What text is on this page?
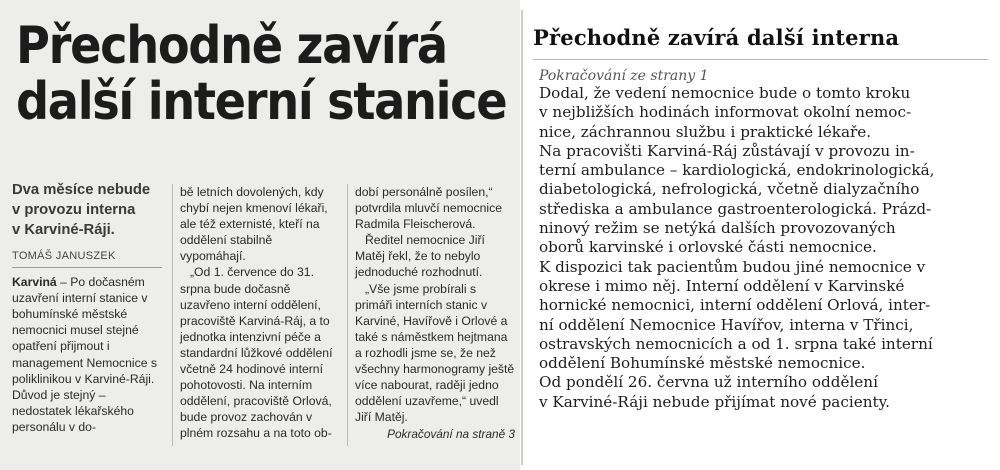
Přechodně zavírá
další interní stanice
Dva měsíce nebude
v provozu interna
v Karviné-Ráji.
TOMÁŠ JANUSZEK

Karviná – Po dočasném uzavření interní stanice v bohumínské městské nemocnici musel stejné opatření přijmout i management Nemocnice s poliklinikou v Karviné-Ráji. Důvod je stejný – nedostatek lékařského personálu v do-

bě letních dovolených, kdy chybí nejen kmenoví lékaři, ale též externisté, kteří na oddělení stabilně vypomáhají.

„Od 1. července do 31. srpna bude dočasně uzavřeno interní oddělení, pracoviště Karviná-Ráj, a to jednotka intenzivní péče a standardní lůžkové oddělení včetně 24 hodinové interní pohotovosti. Na interním oddělení, pracoviště Orlová, bude provoz zachován v plném rozsahu a na toto ob-

dobí personálně posílen,“ potvrdila mluvčí nemocnice Radmila Fleischerová.

Ředitel nemocnice Jiří Matěj řekl, že to nebylo jednoduché rozhodnutí.

„Vše jsme probírali s primáři interních stanic v Karviné, Havířově i Orlové a také s náměstkem hejtmana a rozhodli jsme se, že než všechny harmonogramy ještě více nabourat, raději jedno oddělení uzavřeme,“ uvedl Jiří Matěj.

Pokračování na straně 3

Přechodně zavírá další interna
Pokračování ze strany 1
Dodal, že vedení nemocnice bude o tomto kroku
v nejbližších hodinách informovat okolní nemoc-
nice, záchrannou službu i praktické lékaře.
Na pracovišti Karviná-Ráj zůstávají v provozu in-
terní ambulance – kardiologická, endokrinologická,
diabetologická, nefrologická, včetně dialyzačního
střediska a ambulance gastroenterologická. Prázd-
ninový režim se netýká dalších provozovaných
oborů karvinské i orlovské části nemocnice.
K dispozici tak pacientům budou jiné nemocnice v
okrese i mimo něj. Interní oddělení v Karvinské
hornické nemocnici, interní oddělení Orlová, inter-
ní oddělení Nemocnice Havířov, interna v Třinci,
ostravských nemocnicích a od 1. srpna také interní
oddělení Bohumínské městské nemocnice.
Od pondělí 26. června už interního oddělení
v Karviné-Ráji nebude přijímat nové pacienty.
